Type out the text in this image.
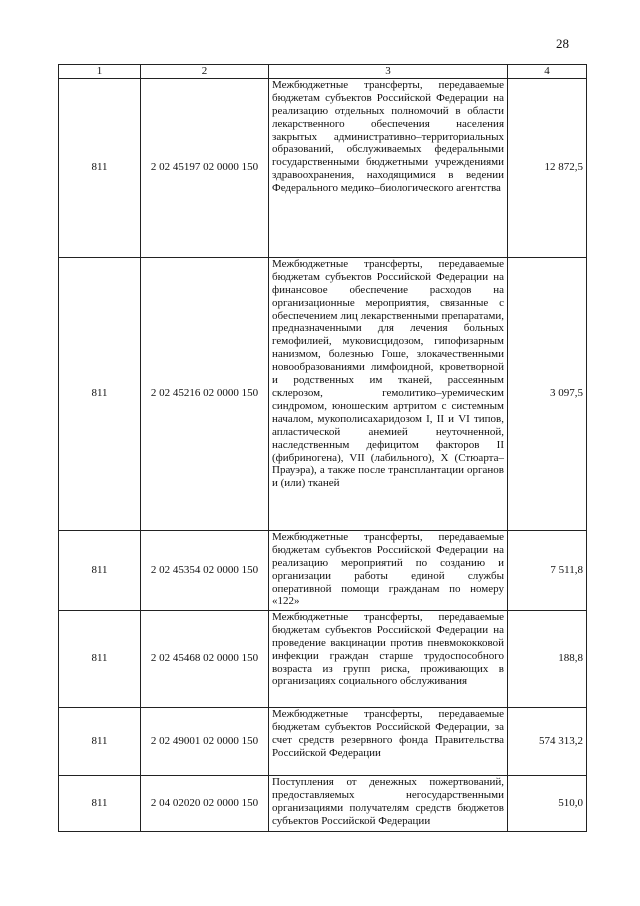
28
1	2	3	4
811	2 02 45197 02 0000 150	Межбюджетные трансферты, передаваемые бюджетам субъектов Российской Федерации на реализацию отдельных полномочий в области лекарственного обеспечения населения закрытых административно–территориальных образований, обслуживаемых федеральными государственными бюджетными учреждениями здравоохранения, находящимися в ведении Федерального медико–биологического агентства	12 872,5
811	2 02 45216 02 0000 150	Межбюджетные трансферты, передаваемые бюджетам субъектов Российской Федерации на финансовое обеспечение расходов на организационные мероприятия, связанные с обеспечением лиц лекарственными препаратами, предназначенными для лечения больных гемофилией, муковисцидозом, гипофизарным нанизмом, болезнью Гоше, злокачественными новообразованиями лимфоидной, кроветворной и родственных им тканей, рассеянным склерозом, гемолитико–уремическим синдромом, юношеским артритом с системным началом, мукополисахаридозом I, II и VI типов, апластической анемией неуточненной, наследственным дефицитом факторов II (фибриногена), VII (лабильного), X (Стюарта–Прауэра), а также после трансплантации органов и (или) тканей	3 097,5
811	2 02 45354 02 0000 150	Межбюджетные трансферты, передаваемые бюджетам субъектов Российской Федерации на реализацию мероприятий по созданию и организации работы единой службы оперативной помощи гражданам по номеру «122»	7 511,8
811	2 02 45468 02 0000 150	Межбюджетные трансферты, передаваемые бюджетам субъектов Российской Федерации на проведение вакцинации против пневмококковой инфекции граждан старше трудоспособного возраста из групп риска, проживающих в организациях социального обслуживания	188,8
811	2 02 49001 02 0000 150	Межбюджетные трансферты, передаваемые бюджетам субъектов Российской Федерации, за счет средств резервного фонда Правительства Российской Федерации	574 313,2
811	2 04 02020 02 0000 150	Поступления от денежных пожертвований, предоставляемых негосударственными организациями получателям средств бюджетов субъектов Российской Федерации	510,0
